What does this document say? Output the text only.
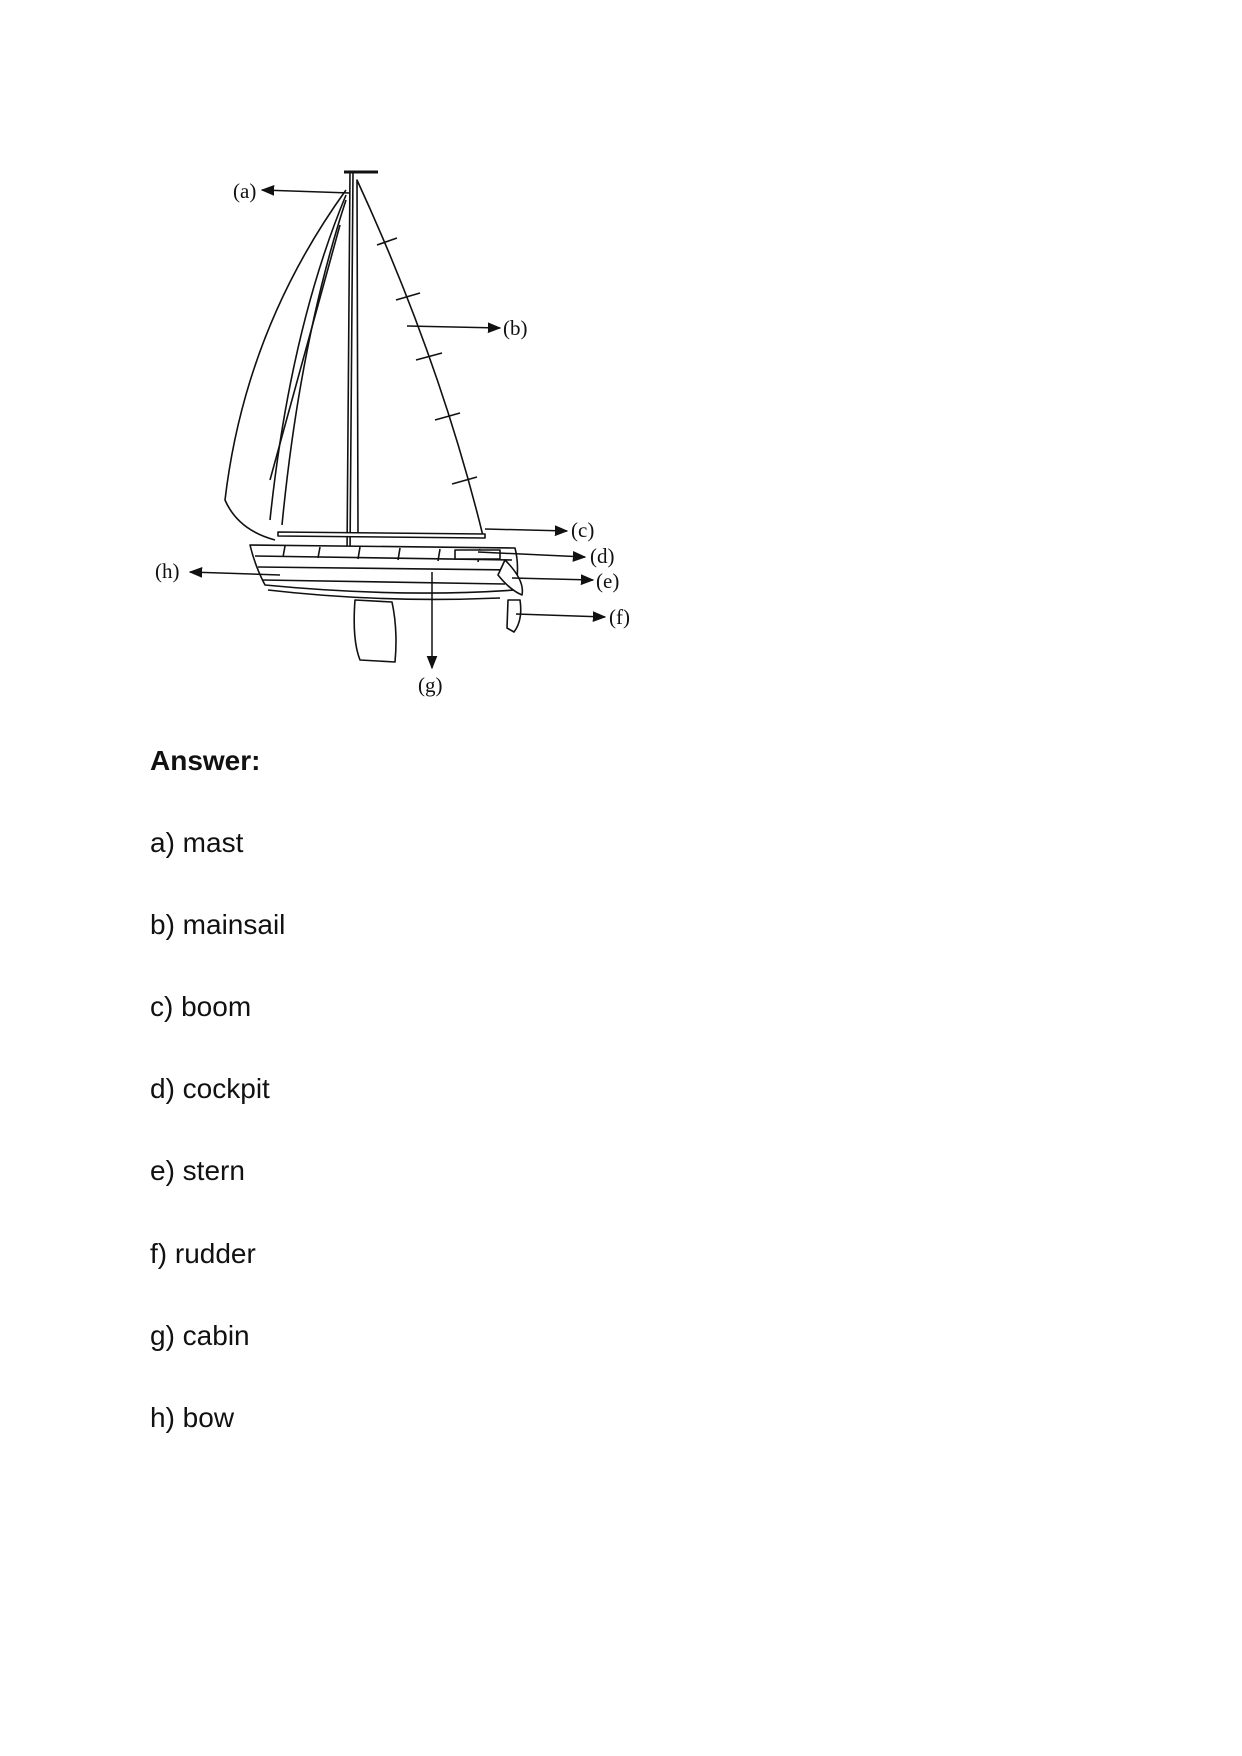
(a)
(b)
(c)
(d)
(e)
(f)
(g)
(h)

Answer:

a) mast

b) mainsail

c) boom

d) cockpit

e) stern

f) rudder

g) cabin

h) bow
